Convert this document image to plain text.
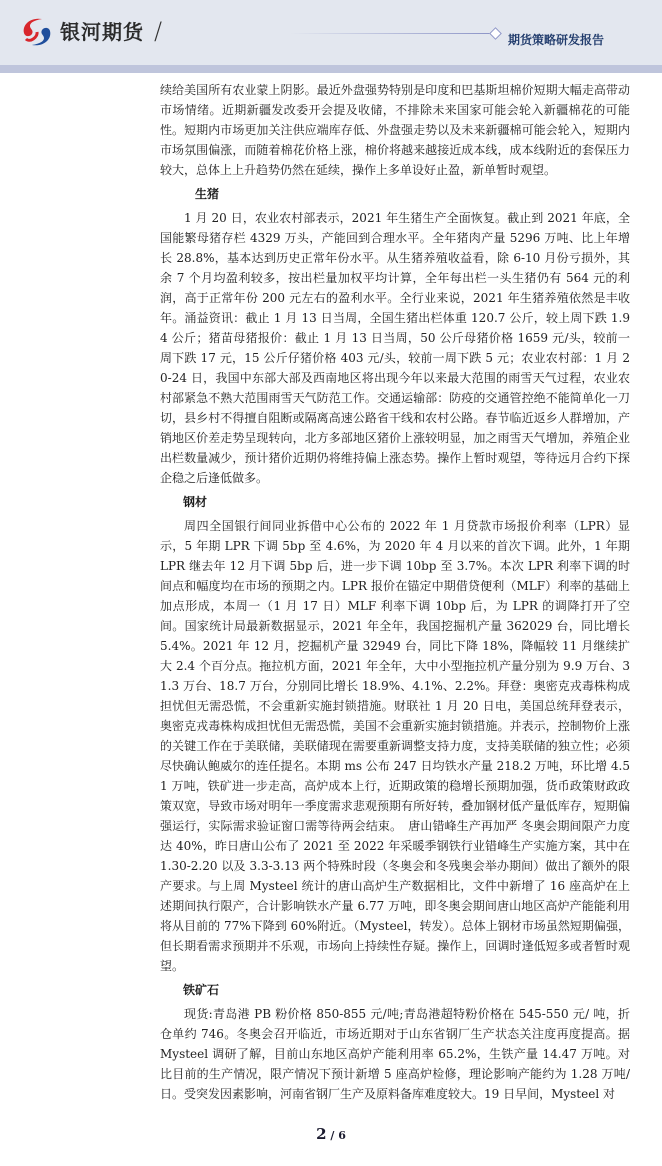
银河期货 /	期货策略研发报告

续给美国所有农业蒙上阴影。最近外盘强势特别是印度和巴基斯坦棉价短期大幅走高带动市场情绪。近期新疆发改委开会提及收储，不排除未来国家可能会轮入新疆棉花的可能性。短期内市场更加关注供应端库存低、外盘强走势以及未来新疆棉可能会轮入，短期内市场氛围偏涨，而随着棉花价格上涨，棉价将越来越接近成本线，成本线附近的套保压力较大，总体上上升趋势仍然在延续，操作上多单设好止盈，新单暂时观望。

生猪

1 月 20 日，农业农村部表示，2021 年生猪生产全面恢复。截止到 2021 年底，全国能繁母猪存栏 4329 万头，产能回到合理水平。全年猪肉产量 5296 万吨、比上年增长 28.8%，基本达到历史正常年份水平。从生猪养殖收益看，除 6-10 月份亏损外，其余 7 个月均盈利较多，按出栏量加权平均计算，全年每出栏一头生猪仍有 564 元的利润，高于正常年份 200 元左右的盈利水平。全行业来说，2021 年生猪养殖依然是丰收年。涌益资讯：截止 1 月 13 日当周，全国生猪出栏体重 120.7 公斤，较上周下跌 1.94 公斤；猪苗母猪报价：截止 1 月 13 日当周，50 公斤母猪价格 1659 元/头，较前一周下跌 17 元，15 公斤仔猪价格 403 元/头，较前一周下跌 5 元；农业农村部：1 月 20-24 日，我国中东部大部及西南地区将出现今年以来最大范围的雨雪天气过程，农业农村部紧急不熟大范围雨雪天气防范工作。交通运输部：防疫的交通管控绝不能简单化一刀切，县乡村不得擅自阻断或隔离高速公路省干线和农村公路。春节临近返乡人群增加，产销地区价差走势呈现转向，北方多部地区猪价上涨较明显，加之雨雪天气增加，养殖企业出栏数量减少，预计猪价近期仍将维持偏上涨态势。操作上暂时观望，等待远月合约下探企稳之后逢低做多。

钢材

周四全国银行间同业拆借中心公布的 2022 年 1 月贷款市场报价利率（LPR）显示，5 年期 LPR 下调 5bp 至 4.6%，为 2020 年 4 月以来的首次下调。此外，1 年期 LPR 继去年 12 月下调 5bp 后，进一步下调 10bp 至 3.7%。本次 LPR 利率下调的时间点和幅度均在市场的预期之内。LPR 报价在锚定中期借贷便利（MLF）利率的基础上加点形成，本周一（1 月 17 日）MLF 利率下调 10bp 后，为 LPR 的调降打开了空间。国家统计局最新数据显示，2021 年全年，我国挖掘机产量 362029 台，同比增长 5.4%。2021 年 12 月，挖掘机产量 32949 台，同比下降 18%，降幅较 11 月继续扩大 2.4 个百分点。拖拉机方面，2021 年全年，大中小型拖拉机产量分别为 9.9 万台、31.3 万台、18.7 万台，分别同比增长 18.9%、4.1%、2.2%。拜登：奥密克戎毒株构成担忧但无需恐慌，不会重新实施封锁措施。财联社 1 月 20 日电，美国总统拜登表示，奥密克戎毒株构成担忧但无需恐慌，美国不会重新实施封锁措施。并表示，控制物价上涨的关键工作在于美联储，美联储现在需要重新调整支持力度，支持美联储的独立性；必须尽快确认鲍威尔的连任提名。本期 ms 公布 247 日均铁水产量 218.2 万吨，环比增 4.51 万吨，铁矿进一步走高，高炉成本上行，近期政策的稳增长预期加强，货币政策财政政策双宽，导致市场对明年一季度需求悲观预期有所好转，叠加钢材低产量低库存，短期偏强运行，实际需求验证窗口需等待两会结束。　唐山错峰生产再加严 冬奥会期间限产力度达 40%，昨日唐山公布了 2021 至 2022 年采暖季钢铁行业错峰生产实施方案，其中在 1.30-2.20 以及 3.3-3.13 两个特殊时段（冬奥会和冬残奥会举办期间）做出了额外的限产要求。与上周 Mysteel 统计的唐山高炉生产数据相比，文件中新增了 16 座高炉在上述期间执行限产，合计影响铁水产量 6.77 万吨，即冬奥会期间唐山地区高炉产能能利用将从目前的 77%下降到 60%附近。（Mysteel，转发）。总体上钢材市场虽然短期偏强，但长期看需求预期并不乐观，市场向上持续性存疑。操作上，回调时逢低短多或者暂时观望。

铁矿石

现货:青岛港 PB 粉价格 850-855 元/吨;青岛港超特粉价格在 545-550 元/ 吨，折仓单约 746。冬奥会召开临近，市场近期对于山东省钢厂生产状态关注度再度提高。据 Mysteel 调研了解，目前山东地区高炉产能利用率 65.2%，生铁产量 14.47 万吨。对比目前的生产情况，限产情况下预计新增 5 座高炉检修，理论影响产能约为 1.28 万吨/日。受突发因素影响，河南省钢厂生产及原料备库难度较大。19 日早间，Mysteel 对

2 / 6
